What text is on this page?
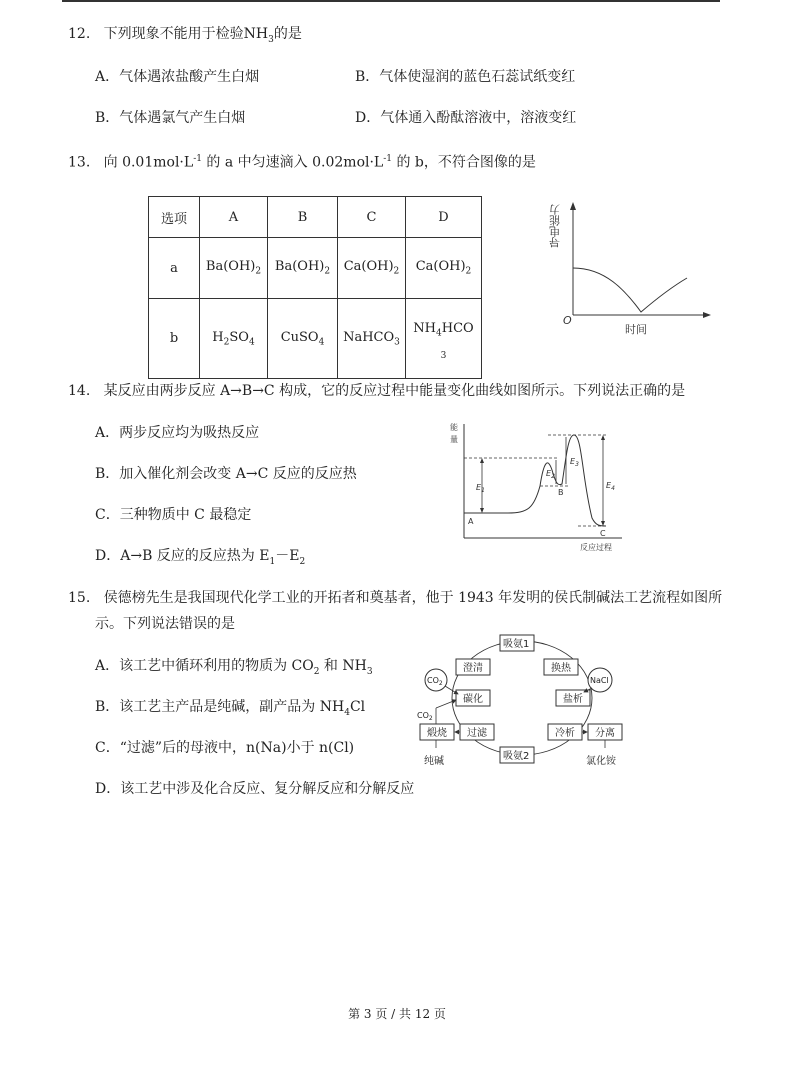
12. 下列现象不能用于检验$NH_3$的是
A．气体遇浓盐酸产生白烟	B．气体使湿润的蓝色石蕊试纸变红
B．气体遇氯气产生白烟	D．气体通入酚酞溶液中，溶液变红
13. 向 $0.01mol\cdot L^{-1}$ 的 a 中匀速滴入 $0.02mol\cdot L^{-1}$ 的 b，不符合图像的是
选项	A	B	C	D
a	$Ba(OH)_2$	$Ba(OH)_2$	$Ca(OH)_2$	$Ca(OH)_2$
b	$H_2SO_4$	CuSO$_4$	NaHCO$_3$	$NH_4HCO$
3
导电能力
O
时间
14. 某反应由两步反应 A→B→C 构成，它的反应过程中能量变化曲线如图所示。下列说法正确的是
A．两步反应均为吸热反应
B．加入催化剂会改变 A→C 反应的反应热
C．三种物质中 C 最稳定
D．A→B 反应的反应热为 $E_1-E_2$
能
量
反应过程
$E_1$
$E_2$
$E_3$
$E_4$
A
B
C
15. 侯德榜先生是我国现代化学工业的开拓者和奠基者，他于 1943 年发明的侯氏制碱法工艺流程如图所
示。下列说法错误的是
A．该工艺中循环利用的物质为 $CO_2$ 和 $NH_3$
B．该工艺主产品是纯碱，副产品为 $NH_4Cl$
C．“过滤”后的母液中，n(Na)小于 n(Cl)
D．该工艺中涉及化合反应、复分解反应和分解反应
吸氨1
澄清	换热
碳化	盐析
煅烧 过滤	冷析 分离
吸氨2
$CO_2$	NaCl
$CO_2$
纯碱	氯化铵
第 3 页 / 共 12 页
